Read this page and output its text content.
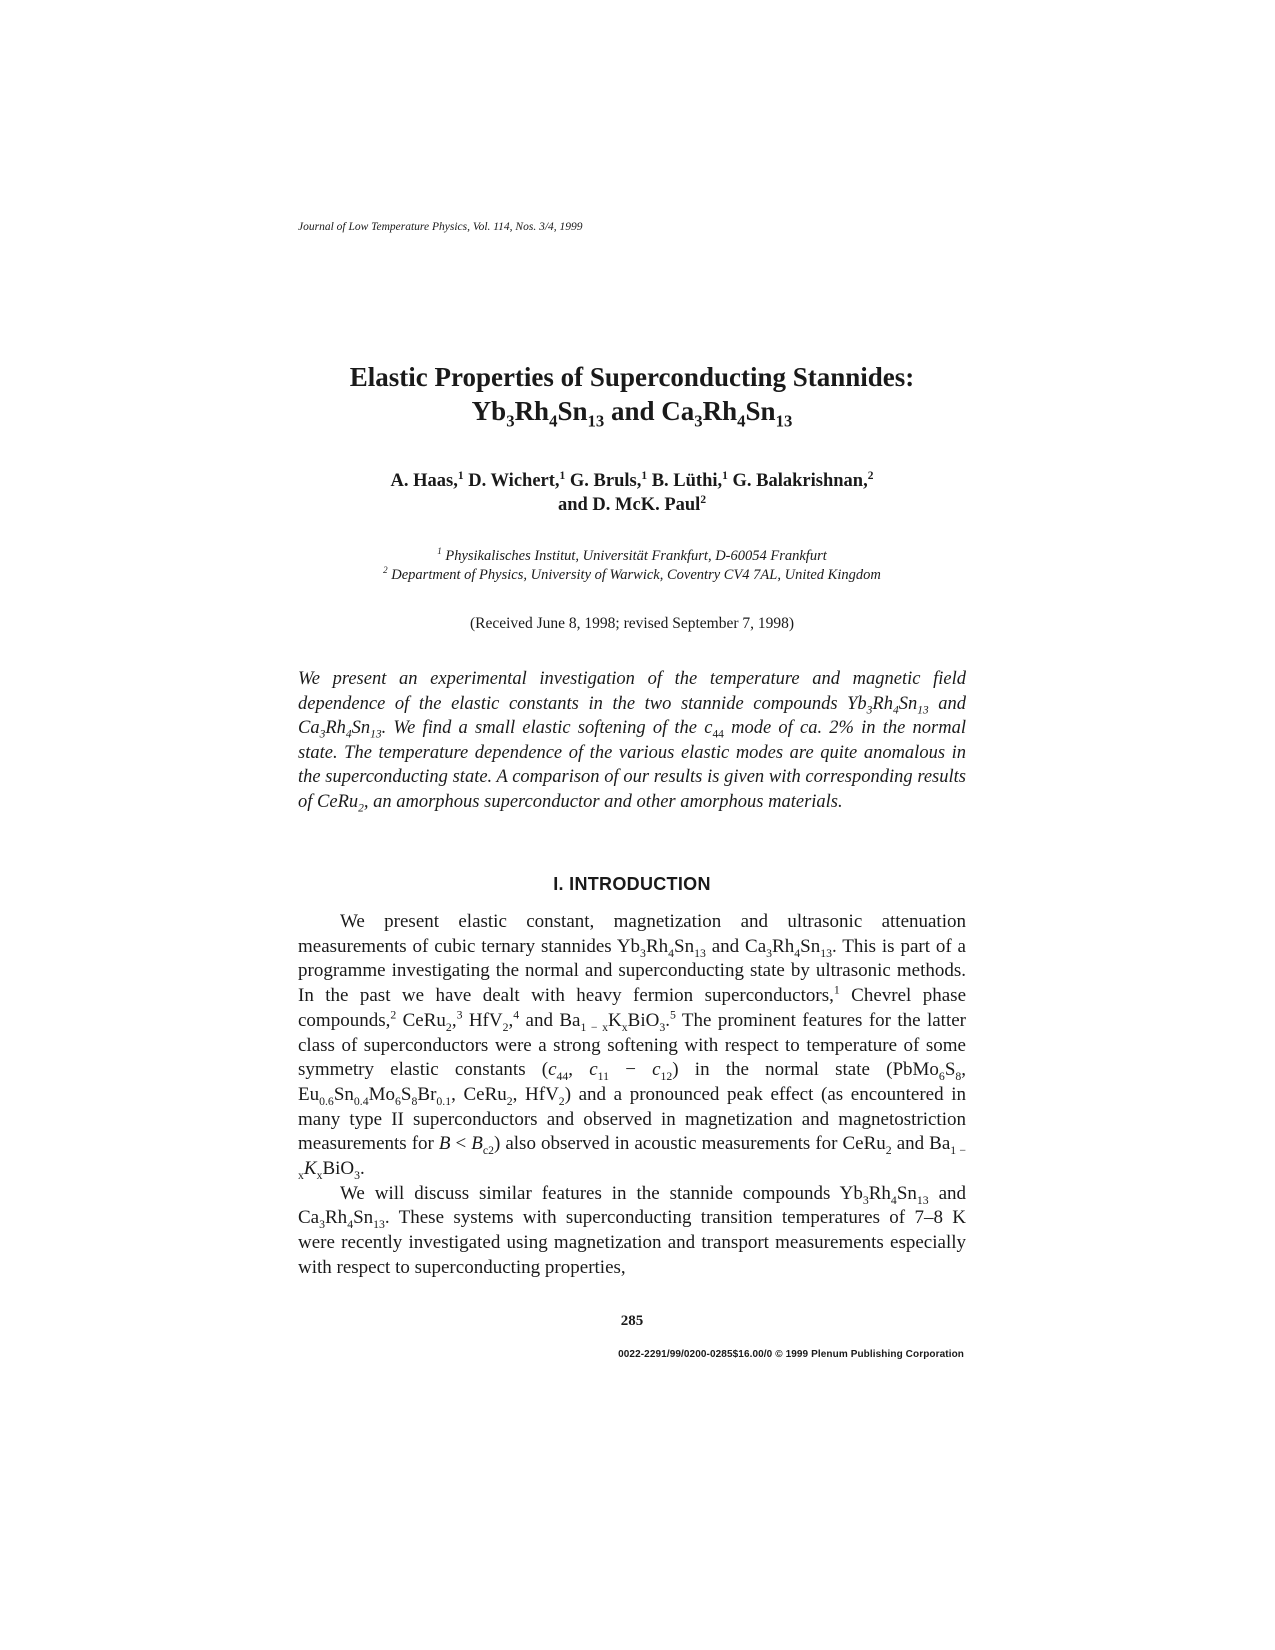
Journal of Low Temperature Physics, Vol. 114, Nos. 3/4, 1999
Elastic Properties of Superconducting Stannides:
$Yb_3Rh_4Sn_{13}$ and $Ca_3Rh_4Sn_{13}$
A. Haas,$^1$ D. Wichert,$^1$ G. Bruls,$^1$ B. Lüthi,$^1$ G. Balakrishnan,$^2$
and D. McK. Paul$^2$
$^1$ Physikalisches Institut, Universität Frankfurt, D-60054 Frankfurt
$^2$ Department of Physics, University of Warwick, Coventry CV4 7AL, United Kingdom
(Received June 8, 1998; revised September 7, 1998)

We present an experimental investigation of the temperature and magnetic field dependence of the elastic constants in the two stannide compounds $Yb_3Rh_4Sn_{13}$ and $Ca_3Rh_4Sn_{13}$. We find a small elastic softening of the $c_{44}$ mode of ca. 2% in the normal state. The temperature dependence of the various elastic modes are quite anomalous in the superconducting state. A comparison of our results is given with corresponding results of CeRu$_2$, an amorphous superconductor and other amorphous materials.

I. INTRODUCTION

We present elastic constant, magnetization and ultrasonic attenuation measurements of cubic ternary stannides $Yb_3Rh_4Sn_{13}$ and $Ca_3Rh_4Sn_{13}$. This is part of a programme investigating the normal and superconducting state by ultrasonic methods. In the past we have dealt with heavy fermion superconductors,$^1$ Chevrel phase compounds,$^2$ CeRu$_2$,$^3$ HfV$_2$,$^4$ and $Ba_{1 - x}K_xBiO_3.^5$ The prominent features for the latter class of superconductors were a strong softening with respect to temperature of some symmetry elastic constants ($c_{44}$, $c_{11} - c_{12}$) in the normal state ($PbMo_6S_8$, $Eu_{0.6}Sn_{0.4}Mo_6S_8Br_{0.1}$, CeRu$_2$, HfV$_2$) and a pronounced peak effect (as encountered in many type II superconductors and observed in magnetization and magnetostriction measurements for $B < B_{c2}$) also observed in acoustic measurements for CeRu$_2$ and $Ba_{1 - x}K_xBiO_3$.

We will discuss similar features in the stannide compounds $Yb_3Rh_4Sn_{13}$ and $Ca_3Rh_4Sn_{13}$. These systems with superconducting transition temperatures of 7–8 K were recently investigated using magnetization and transport measurements especially with respect to superconducting properties,

285
0022-2291/99/0200-0285$16.00/0 © 1999 Plenum Publishing Corporation
